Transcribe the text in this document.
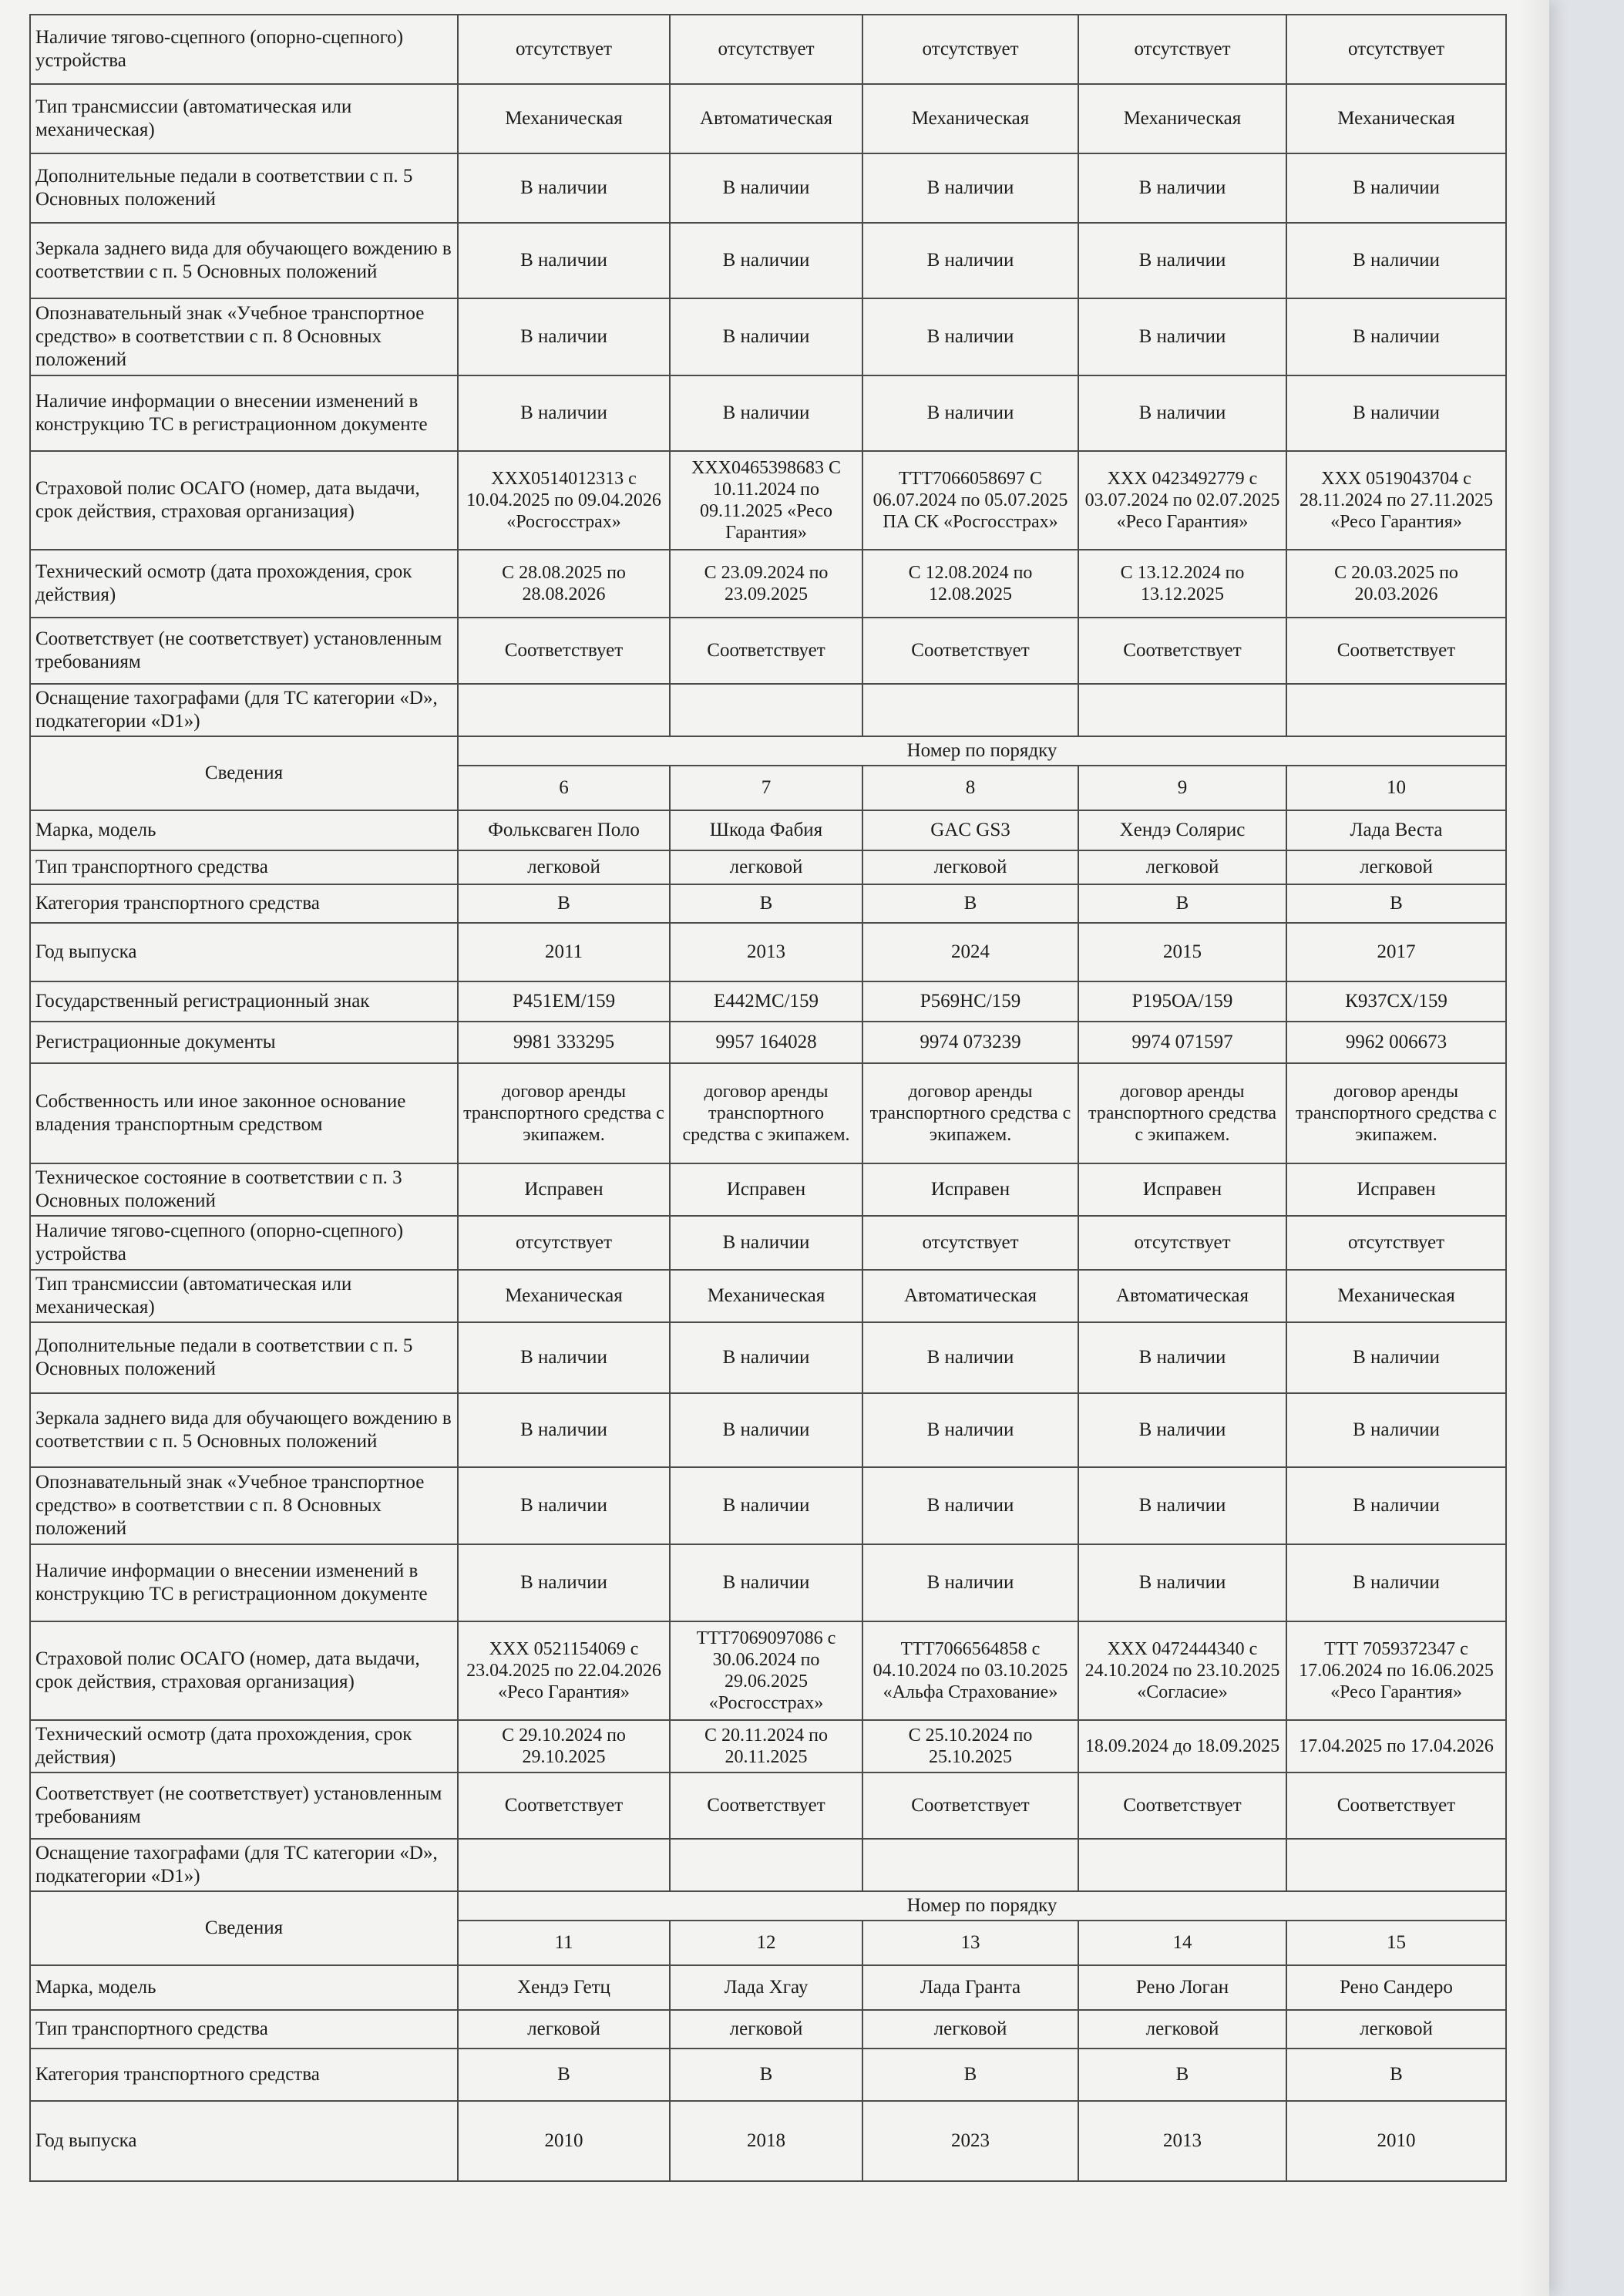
Наличие тягово-сцепного (опорно-сцепного) устройства	отсутствует	отсутствует	отсутствует	отсутствует	отсутствует
Тип трансмиссии (автоматическая или механическая)	Механическая	Автоматическая	Механическая	Механическая	Механическая
Дополнительные педали в соответствии с п. 5 Основных положений	В наличии	В наличии	В наличии	В наличии	В наличии
Зеркала заднего вида для обучающего вождению в соответствии с п. 5 Основных положений	В наличии	В наличии	В наличии	В наличии	В наличии
Опознавательный знак «Учебное транспортное средство» в соответствии с п. 8 Основных положений	В наличии	В наличии	В наличии	В наличии	В наличии
Наличие информации о внесении изменений в конструкцию ТС в регистрационном документе	В наличии	В наличии	В наличии	В наличии	В наличии
Страховой полис ОСАГО (номер, дата выдачи, срок действия, страховая организация)	ХХХ0514012313 с 10.04.2025 по 09.04.2026 «Росгосстрах»	ХХХ0465398683 С 10.11.2024 по 09.11.2025 «Ресо Гарантия»	ТТТ7066058697 С 06.07.2024 по 05.07.2025 ПА СК «Росгосстрах»	ХХХ 0423492779 с 03.07.2024 по 02.07.2025 «Ресо Гарантия»	ХХХ 0519043704 с 28.11.2024 по 27.11.2025 «Ресо Гарантия»
Технический осмотр (дата прохождения, срок действия)	С 28.08.2025 по 28.08.2026	С 23.09.2024 по 23.09.2025	С 12.08.2024 по 12.08.2025	С 13.12.2024 по 13.12.2025	С 20.03.2025 по 20.03.2026
Соответствует (не соответствует) установленным требованиям	Соответствует	Соответствует	Соответствует	Соответствует	Соответствует
Оснащение тахографами (для ТС категории «D», подкатегории «D1»)					
Сведения	Номер по порядку				
	6	7	8	9	10
Марка, модель	Фольксваген Поло	Шкода Фабия	GAC GS3	Хендэ Солярис	Лада Веста
Тип транспортного средства	легковой	легковой	легковой	легковой	легковой
Категория транспортного средства	В	В	В	В	В
Год выпуска	2011	2013	2024	2015	2017
Государственный регистрационный знак	Р451ЕМ/159	Е442МС/159	Р569НС/159	Р195ОА/159	К937СХ/159
Регистрационные документы	9981 333295	9957 164028	9974 073239	9974 071597	9962 006673
Собственность или иное законное основание владения транспортным средством	договор аренды транспортного средства с экипажем.	договор аренды транспортного средства с экипажем.	договор аренды транспортного средства с экипажем.	договор аренды транспортного средства с экипажем.	договор аренды транспортного средства с экипажем.
Техническое состояние в соответствии с п. 3 Основных положений	Исправен	Исправен	Исправен	Исправен	Исправен
Наличие тягово-сцепного (опорно-сцепного) устройства	отсутствует	В наличии	отсутствует	отсутствует	отсутствует
Тип трансмиссии (автоматическая или механическая)	Механическая	Механическая	Автоматическая	Автоматическая	Механическая
Дополнительные педали в соответствии с п. 5 Основных положений	В наличии	В наличии	В наличии	В наличии	В наличии
Зеркала заднего вида для обучающего вождению в соответствии с п. 5 Основных положений	В наличии	В наличии	В наличии	В наличии	В наличии
Опознавательный знак «Учебное транспортное средство» в соответствии с п. 8 Основных положений	В наличии	В наличии	В наличии	В наличии	В наличии
Наличие информации о внесении изменений в конструкцию ТС в регистрационном документе	В наличии	В наличии	В наличии	В наличии	В наличии
Страховой полис ОСАГО (номер, дата выдачи, срок действия, страховая организация)	ХХХ 0521154069 с 23.04.2025 по 22.04.2026 «Ресо Гарантия»	ТТТ7069097086 с 30.06.2024 по 29.06.2025 «Росгосстрах»	ТТТ7066564858 с 04.10.2024 по 03.10.2025 «Альфа Страхование»	ХХХ 0472444340 с 24.10.2024 по 23.10.2025 «Согласие»	ТТТ 7059372347 с 17.06.2024 по 16.06.2025 «Ресо Гарантия»
Технический осмотр (дата прохождения, срок действия)	С 29.10.2024 по 29.10.2025	С 20.11.2024 по 20.11.2025	С 25.10.2024 по 25.10.2025	18.09.2024 до 18.09.2025	17.04.2025 по 17.04.2026
Соответствует (не соответствует) установленным требованиям	Соответствует	Соответствует	Соответствует	Соответствует	Соответствует
Оснащение тахографами (для ТС категории «D», подкатегории «D1»)					
Сведения	Номер по порядку				
	11	12	13	14	15
Марка, модель	Хендэ Гетц	Лада Хгау	Лада Гранта	Рено Логан	Рено Сандеро
Тип транспортного средства	легковой	легковой	легковой	легковой	легковой
Категория транспортного средства	В	В	В	В	В
Год выпуска	2010	2018	2023	2013	2010
